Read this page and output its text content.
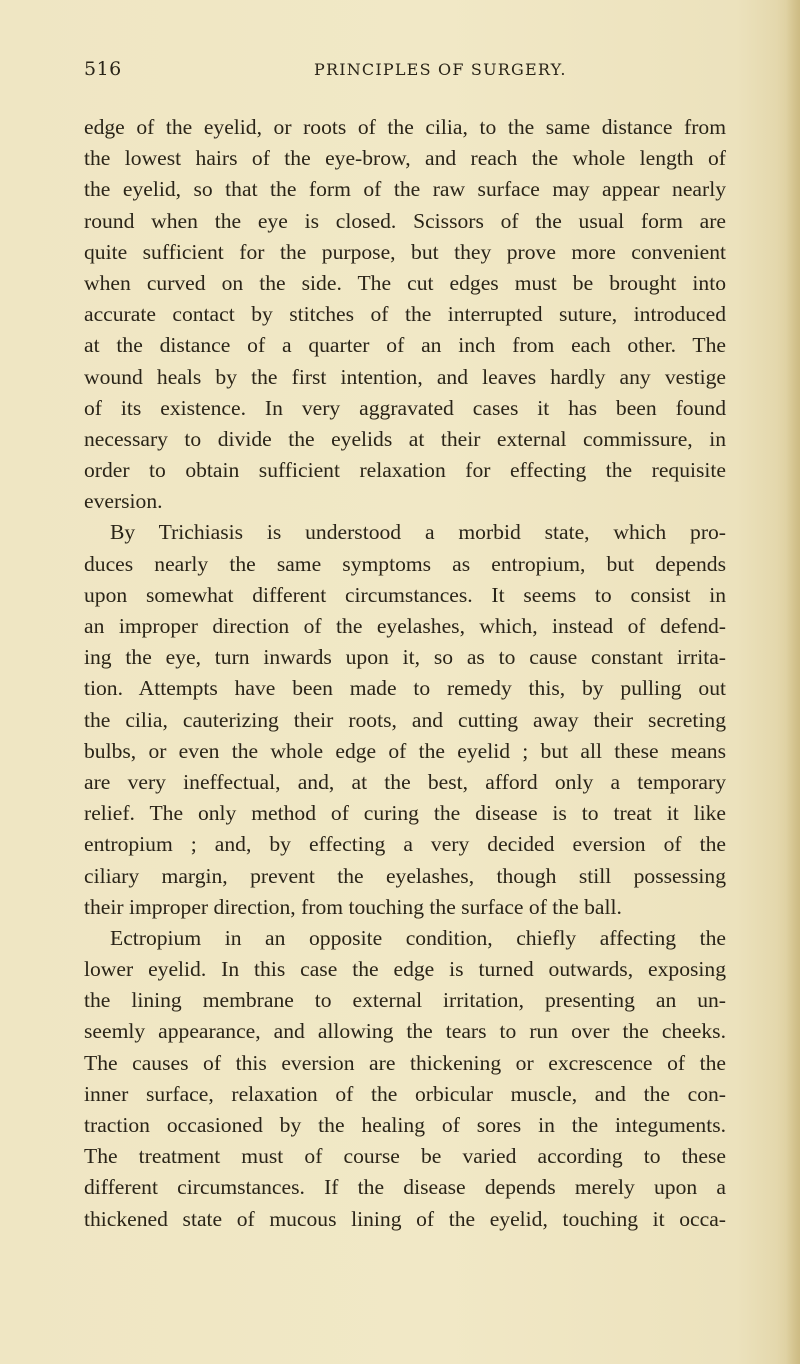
516	PRINCIPLES OF SURGERY.
edge of the eyelid, or roots of the cilia, to the same distance from
the lowest hairs of the eye-brow, and reach the whole length of
the eyelid, so that the form of the raw surface may appear nearly
round when the eye is closed. Scissors of the usual form are
quite sufficient for the purpose, but they prove more convenient
when curved on the side. The cut edges must be brought into
accurate contact by stitches of the interrupted suture, introduced
at the distance of a quarter of an inch from each other. The
wound heals by the first intention, and leaves hardly any vestige
of its existence. In very aggravated cases it has been found
necessary to divide the eyelids at their external commissure, in
order to obtain sufficient relaxation for effecting the requisite
eversion.
By Trichiasis is understood a morbid state, which pro-
duces nearly the same symptoms as entropium, but depends
upon somewhat different circumstances. It seems to consist in
an improper direction of the eyelashes, which, instead of defend-
ing the eye, turn inwards upon it, so as to cause constant irrita-
tion. Attempts have been made to remedy this, by pulling out
the cilia, cauterizing their roots, and cutting away their secreting
bulbs, or even the whole edge of the eyelid ; but all these means
are very ineffectual, and, at the best, afford only a temporary
relief. The only method of curing the disease is to treat it like
entropium ; and, by effecting a very decided eversion of the
ciliary margin, prevent the eyelashes, though still possessing
their improper direction, from touching the surface of the ball.
Ectropium in an opposite condition, chiefly affecting the
lower eyelid. In this case the edge is turned outwards, exposing
the lining membrane to external irritation, presenting an un-
seemly appearance, and allowing the tears to run over the cheeks.
The causes of this eversion are thickening or excrescence of the
inner surface, relaxation of the orbicular muscle, and the con-
traction occasioned by the healing of sores in the integuments.
The treatment must of course be varied according to these
different circumstances. If the disease depends merely upon a
thickened state of mucous lining of the eyelid, touching it occa-
